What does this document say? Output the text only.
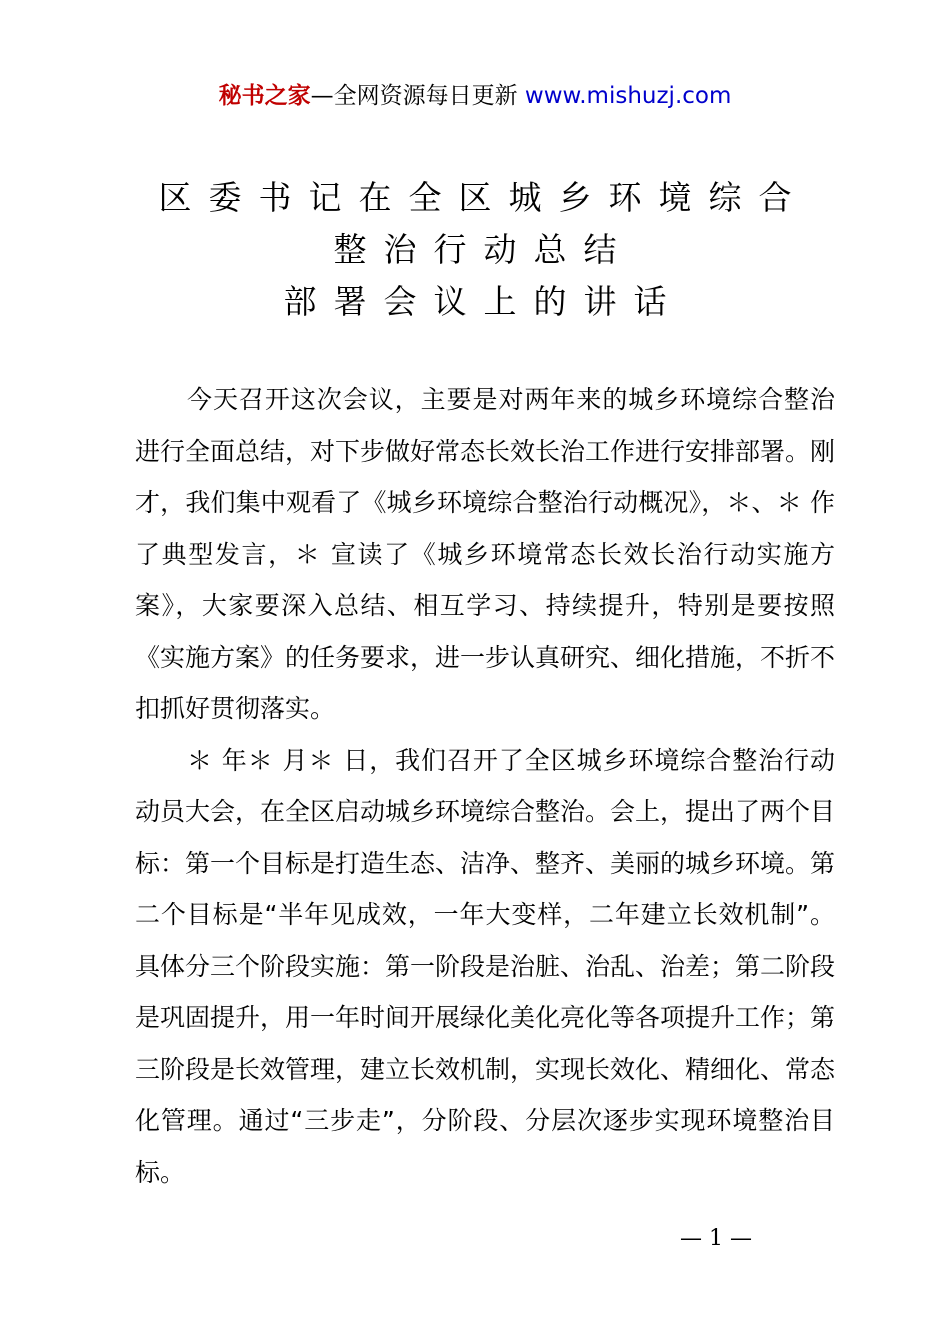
秘书之家—全网资源每日更新 www.mishuzj.com
区委书记在全区城乡环境综合
整治行动总结
部署会议上的讲话

今天召开这次会议，主要是对两年来的城乡环境综合整治进行全面总结，对下步做好常态长效长治工作进行安排部署。刚才，我们集中观看了《城乡环境综合整治行动概况》，＊、＊ 作了典型发言，＊ 宣读了《城乡环境常态长效长治行动实施方案》，大家要深入总结、相互学习、持续提升，特别是要按照《实施方案》的任务要求，进一步认真研究、细化措施，不折不扣抓好贯彻落实。

＊ 年＊ 月＊ 日，我们召开了全区城乡环境综合整治行动动员大会，在全区启动城乡环境综合整治。会上，提出了两个目标：第一个目标是打造生态、洁净、整齐、美丽的城乡环境。第二个目标是“半年见成效，一年大变样，二年建立长效机制”。具体分三个阶段实施：第一阶段是治脏、治乱、治差；第二阶段是巩固提升，用一年时间开展绿化美化亮化等各项提升工作；第三阶段是长效管理，建立长效机制，实现长效化、精细化、常态化管理。通过“三步走”，分阶段、分层次逐步实现环境整治目标。

— 1 —
